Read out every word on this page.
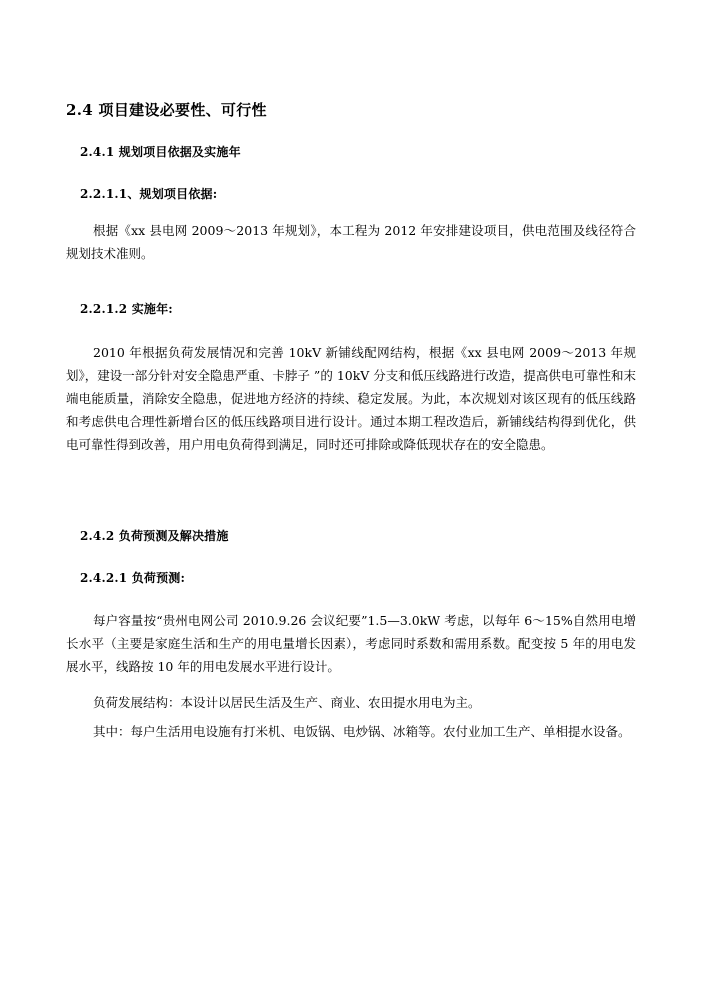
2.4 项目建设必要性、可行性
2.4.1 规划项目依据及实施年
2.2.1.1、规划项目依据:
根据《xx 县电网 2009～2013 年规划》，本工程为 2012 年安排建设项目，供电范围及线径符合规划技术准则。
2.2.1.2 实施年:
2010 年根据负荷发展情况和完善 10kV 新铺线配网结构，根据《xx 县电网 2009～2013 年规划》，建设一部分针对安全隐患严重、卡脖子 ”的 10kV 分支和低压线路进行改造，提高供电可靠性和末端电能质量，消除安全隐患，促进地方经济的持续、稳定发展。为此，本次规划对该区现有的低压线路和考虑供电合理性新增台区的低压线路项目进行设计。通过本期工程改造后，新铺线结构得到优化，供电可靠性得到改善，用户用电负荷得到满足，同时还可排除或降低现状存在的安全隐患。
2.4.2 负荷预测及解决措施
2.4.2.1 负荷预测:
每户容量按“贵州电网公司 2010.9.26 会议纪要”1.5—3.0kW 考虑，以每年 6～15%自然用电增长水平（主要是家庭生活和生产的用电量增长因素），考虑同时系数和需用系数。配变按 5 年的用电发展水平，线路按 10 年的用电发展水平进行设计。
负荷发展结构：本设计以居民生活及生产、商业、农田提水用电为主。
其中：每户生活用电设施有打米机、电饭锅、电炒锅、冰箱等。农付业加工生产、单相提水设备。
